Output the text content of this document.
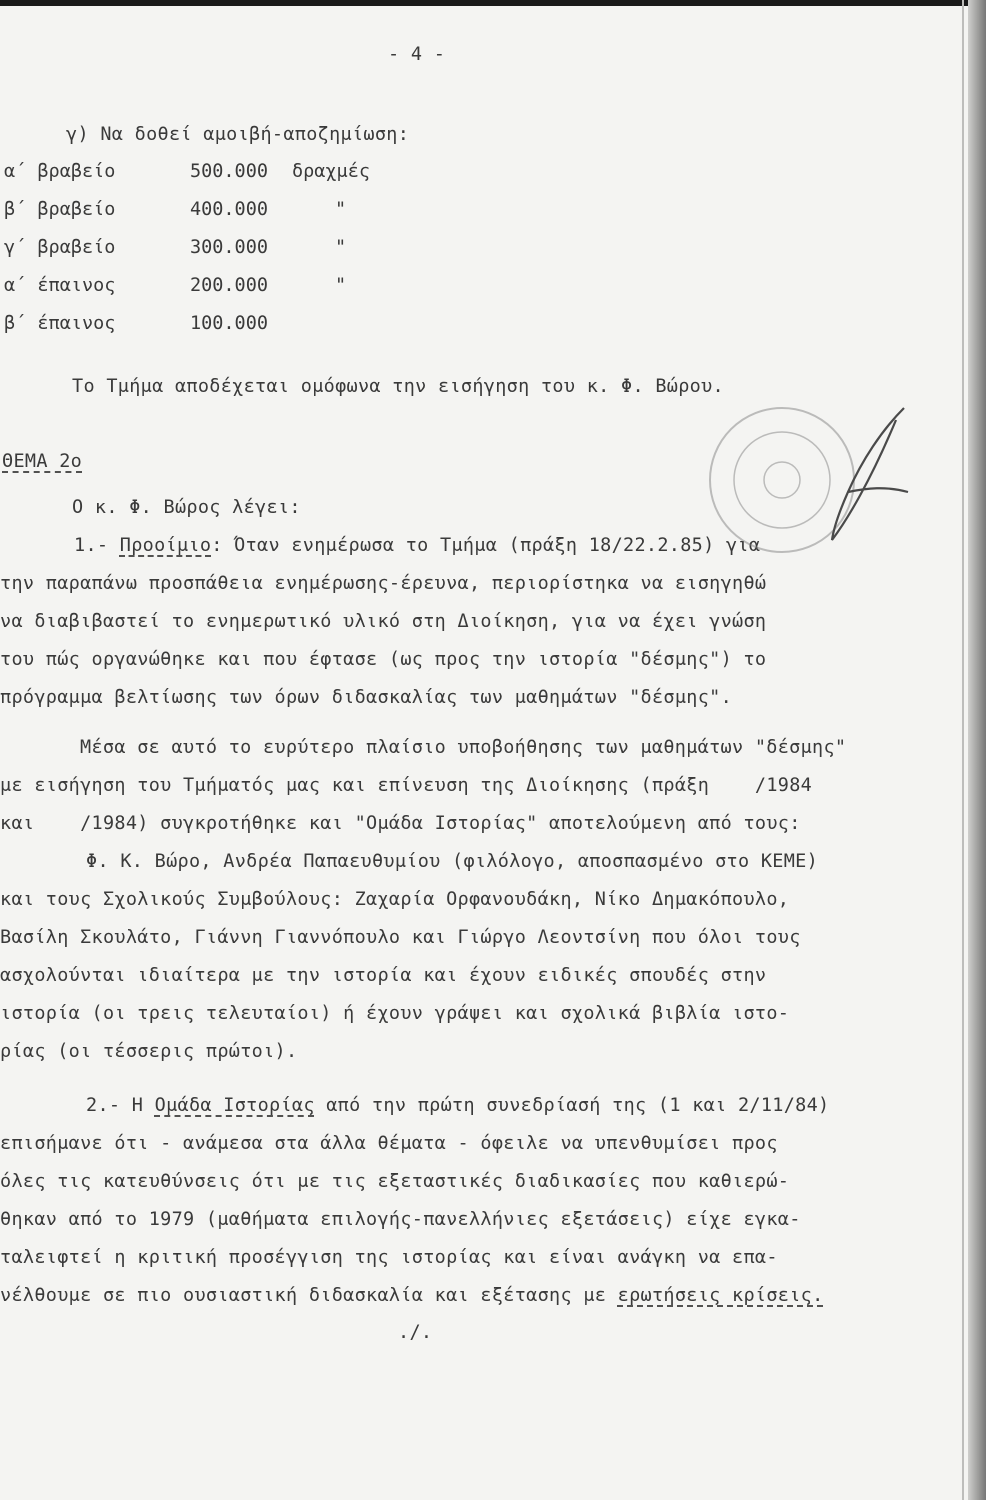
- 4 -
γ) Να δοθεί αμοιβή-αποζημίωση:
α΄ βραβείο	500.000 δραχμές
β΄ βραβείο	400.000	"
γ΄ βραβείο	300.000	"
α΄ έπαινος	200.000	"
β΄ έπαινος	100.000
Το Τμήμα αποδέχεται ομόφωνα την εισήγηση του κ. Φ. Βώρου.
ΘΕΜΑ 2ο
Ο κ. Φ. Βώρος λέγει:
1.- Προοίμιο: Όταν ενημέρωσα το Τμήμα (πράξη 18/22.2.85) για
την παραπάνω προσπάθεια ενημέρωσης-έρευνα, περιορίστηκα να εισηγηθώ
να διαβιβαστεί το ενημερωτικό υλικό στη Διοίκηση, για να έχει γνώση
του πώς οργανώθηκε και που έφτασε (ως προς την ιστορία "δέσμης") το
πρόγραμμα βελτίωσης των όρων διδασκαλίας των μαθημάτων "δέσμης".
Μέσα σε αυτό το ευρύτερο πλαίσιο υποβοήθησης των μαθημάτων "δέσμης"
με εισήγηση του Τμήματός μας και επίνευση της Διοίκησης (πράξη    /1984
και    /1984) συγκροτήθηκε και "Ομάδα Ιστορίας" αποτελούμενη από τους:
Φ. Κ. Βώρο, Ανδρέα Παπαευθυμίου (φιλόλογο, αποσπασμένο στο ΚΕΜΕ)
και τους Σχολικούς Συμβούλους: Ζαχαρία Ορφανουδάκη, Νίκο Δημακόπουλο,
Βασίλη Σκουλάτο, Γιάννη Γιαννόπουλο και Γιώργο Λεοντσίνη που όλοι τους
ασχολούνται ιδιαίτερα με την ιστορία και έχουν ειδικές σπουδές στην
ιστορία (οι τρεις τελευταίοι) ή έχουν γράψει και σχολικά βιβλία ιστο-
ρίας (οι τέσσερις πρώτοι).
2.- Η Ομάδα Ιστορίας από την πρώτη συνεδρίασή της (1 και 2/11/84)
επισήμανε ότι - ανάμεσα στα άλλα θέματα - όφειλε να υπενθυμίσει προς
όλες τις κατευθύνσεις ότι με τις εξεταστικές διαδικασίες που καθιερώ-
θηκαν από το 1979 (μαθήματα επιλογής-πανελλήνιες εξετάσεις) είχε εγκα-
ταλειφτεί η κριτική προσέγγιση της ιστορίας και είναι ανάγκη να επα-
νέλθουμε σε πιο ουσιαστική διδασκαλία και εξέτασης με ερωτήσεις κρίσεις.
./.
